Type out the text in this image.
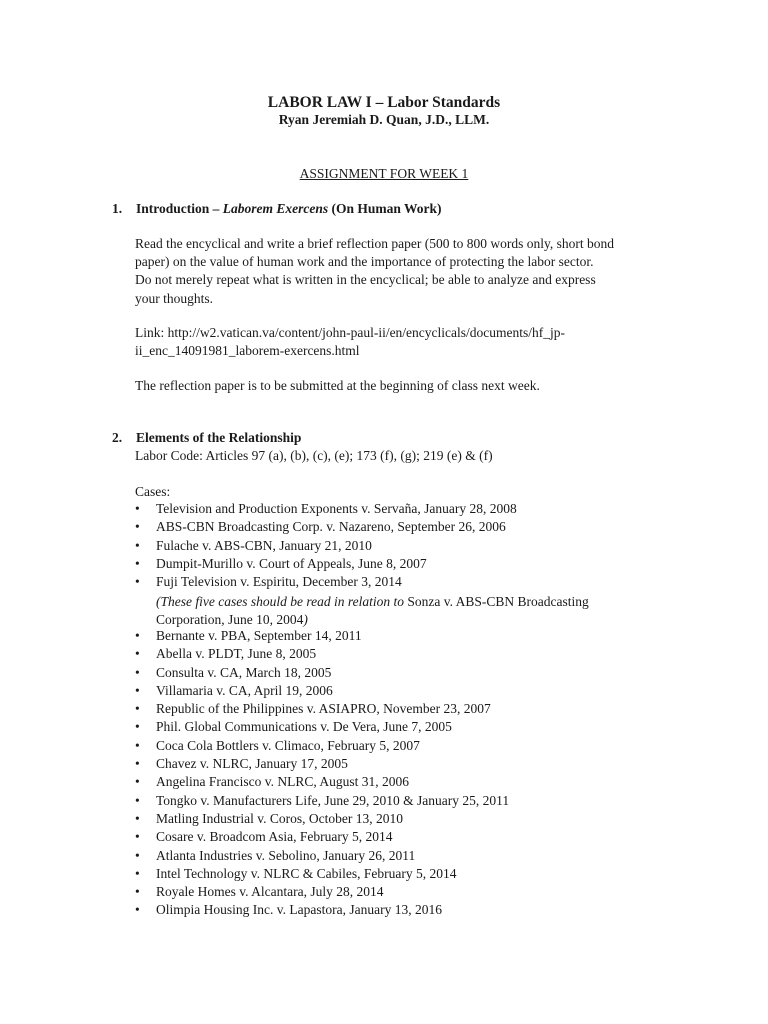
LABOR LAW I – Labor Standards
Ryan Jeremiah D. Quan, J.D., LLM.
ASSIGNMENT FOR WEEK 1
1. Introduction – Laborem Exercens (On Human Work)
Read the encyclical and write a brief reflection paper (500 to 800 words only, short bond
paper) on the value of human work and the importance of protecting the labor sector.
Do not merely repeat what is written in the encyclical; be able to analyze and express
your thoughts.
Link: http://w2.vatican.va/content/john-paul-ii/en/encyclicals/documents/hf_jp-
ii_enc_14091981_laborem-exercens.html
The reflection paper is to be submitted at the beginning of class next week.
2. Elements of the Relationship
Labor Code: Articles 97 (a), (b), (c), (e); 173 (f), (g); 219 (e) & (f)
Cases:
• Television and Production Exponents v. Servaña, January 28, 2008
• ABS-CBN Broadcasting Corp. v. Nazareno, September 26, 2006
• Fulache v. ABS-CBN, January 21, 2010
• Dumpit-Murillo v. Court of Appeals, June 8, 2007
• Fuji Television v. Espiritu, December 3, 2014
(These five cases should be read in relation to Sonza v. ABS-CBN Broadcasting
Corporation, June 10, 2004)
• Bernante v. PBA, September 14, 2011
• Abella v. PLDT, June 8, 2005
• Consulta v. CA, March 18, 2005
• Villamaria v. CA, April 19, 2006
• Republic of the Philippines v. ASIAPRO, November 23, 2007
• Phil. Global Communications v. De Vera, June 7, 2005
• Coca Cola Bottlers v. Climaco, February 5, 2007
• Chavez v. NLRC, January 17, 2005
• Angelina Francisco v. NLRC, August 31, 2006
• Tongko v. Manufacturers Life, June 29, 2010 & January 25, 2011
• Matling Industrial v. Coros, October 13, 2010
• Cosare v. Broadcom Asia, February 5, 2014
• Atlanta Industries v. Sebolino, January 26, 2011
• Intel Technology v. NLRC & Cabiles, February 5, 2014
• Royale Homes v. Alcantara, July 28, 2014
• Olimpia Housing Inc. v. Lapastora, January 13, 2016
